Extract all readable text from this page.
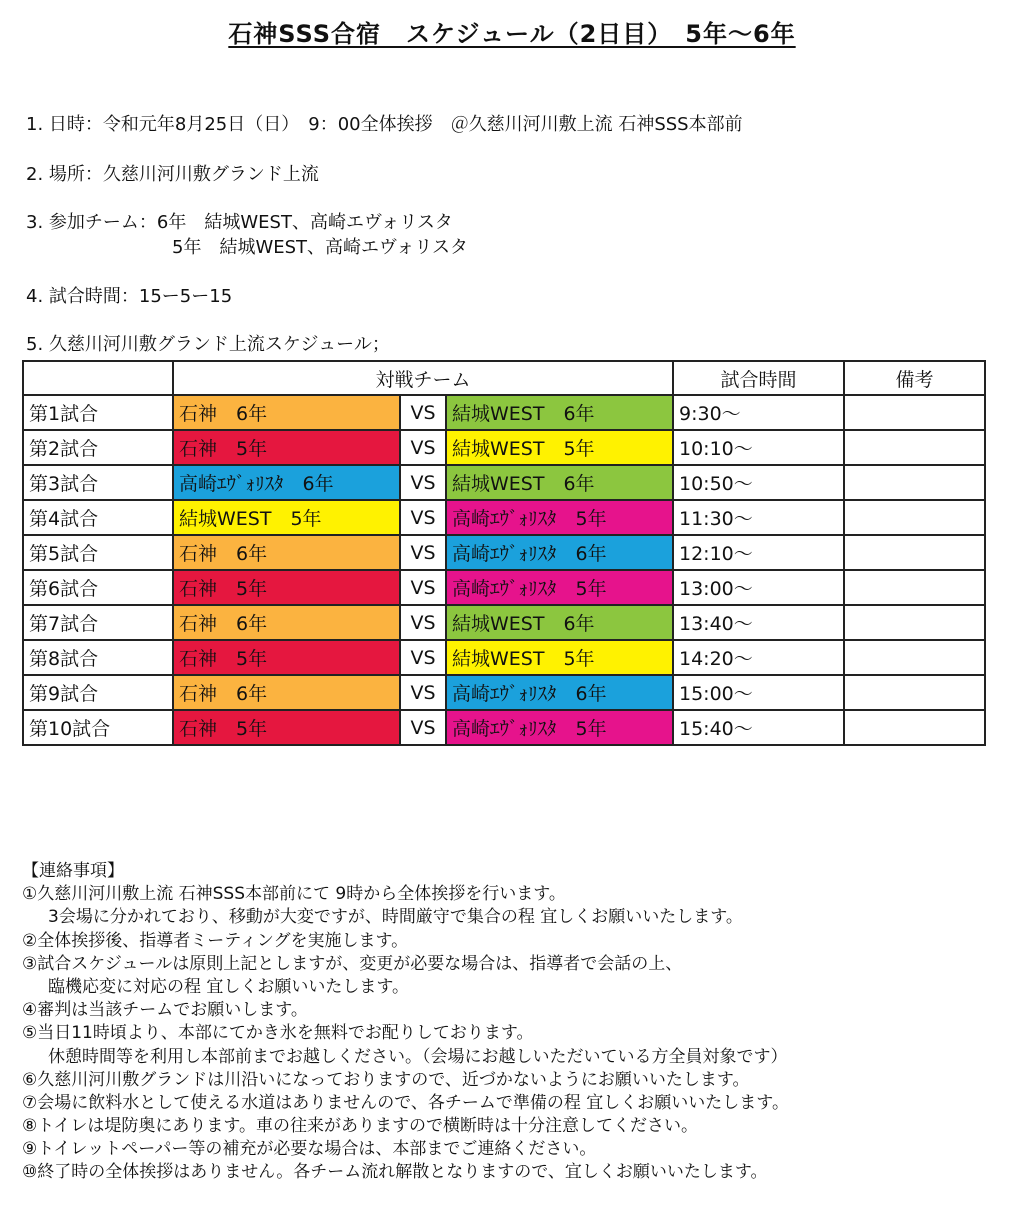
石神SSS合宿　スケジュール（2日目）　5年〜6年
1. 日時：令和元年8月25日（日）　9：00全体挨拶　＠久慈川河川敷上流 石神SSS本部前
2. 場所：久慈川河川敷グランド上流
3. 参加チーム：6年　結城WEST、高崎エヴォリスタ
5年　結城WEST、高崎エヴォリスタ
4. 試合時間：15ー5ー15
5. 久慈川河川敷グランド上流スケジュール；
	対戦チーム			試合時間	備考
第1試合	石神　6年	VS	結城WEST　6年	9:30〜	
第2試合	石神　5年	VS	結城WEST　5年	10:10〜	
第3試合	高崎ｴｳﾞｫﾘｽﾀ　6年	VS	結城WEST　6年	10:50〜	
第4試合	結城WEST　5年	VS	高崎ｴｳﾞｫﾘｽﾀ　5年	11:30〜	
第5試合	石神　6年	VS	高崎ｴｳﾞｫﾘｽﾀ　6年	12:10〜	
第6試合	石神　5年	VS	高崎ｴｳﾞｫﾘｽﾀ　5年	13:00〜	
第7試合	石神　6年	VS	結城WEST　6年	13:40〜	
第8試合	石神　5年	VS	結城WEST　5年	14:20〜	
第9試合	石神　6年	VS	高崎ｴｳﾞｫﾘｽﾀ　6年	15:00〜	
第10試合	石神　5年	VS	高崎ｴｳﾞｫﾘｽﾀ　5年	15:40〜	
【連絡事項】
①久慈川河川敷上流 石神SSS本部前にて 9時から全体挨拶を行います。
3会場に分かれており、移動が大変ですが、時間厳守で集合の程 宜しくお願いいたします。
②全体挨拶後、指導者ミーティングを実施します。
③試合スケジュールは原則上記としますが、変更が必要な場合は、指導者で会話の上、
臨機応変に対応の程 宜しくお願いいたします。
④審判は当該チームでお願いします。
⑤当日11時頃より、本部にてかき氷を無料でお配りしております。
休憩時間等を利用し本部前までお越しください。（会場にお越しいただいている方全員対象です）
⑥久慈川河川敷グランドは川沿いになっておりますので、近づかないようにお願いいたします。
⑦会場に飲料水として使える水道はありませんので、各チームで準備の程 宜しくお願いいたします。
⑧トイレは堤防奥にあります。車の往来がありますので横断時は十分注意してください。
⑨トイレットペーパー等の補充が必要な場合は、本部までご連絡ください。
⑩終了時の全体挨拶はありません。各チーム流れ解散となりますので、宜しくお願いいたします。
